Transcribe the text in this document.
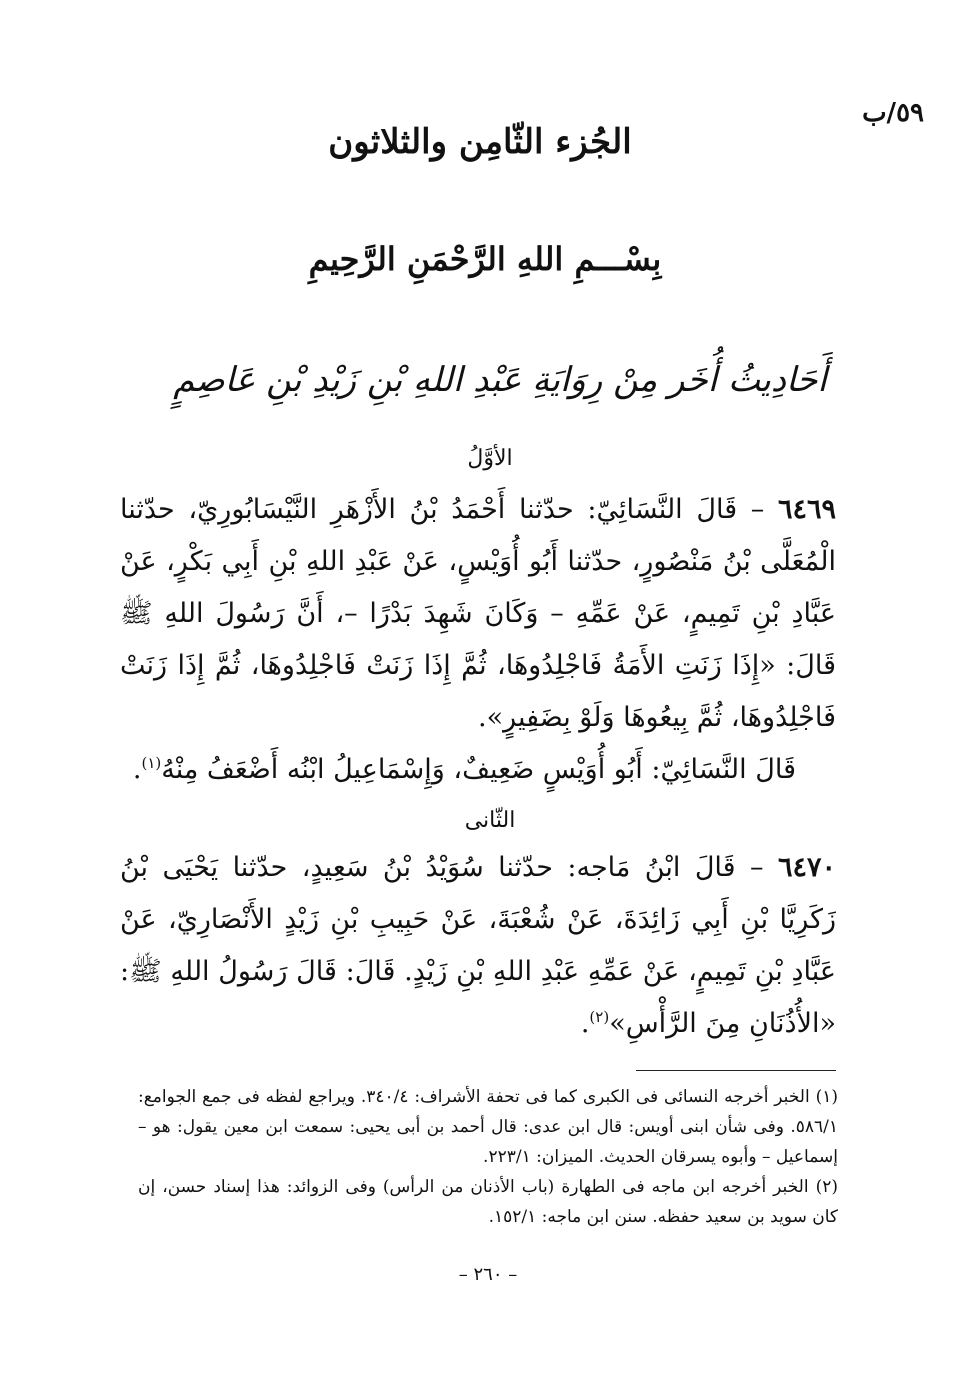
٥٩/ب
الجُزء الثّامِن والثلاثون
بِسْـــمِ اللهِ الرَّحْمَنِ الرَّحِيمِ
أَحَادِيثُ أُخَر مِنْ رِوَايَةِ عَبْدِ اللهِ بْنِ زَيْدِ بْنِ عَاصِمٍ
الأوَّلُ

٦٤٦٩ – قَالَ النَّسَائِيّ: حدّثنا أَحْمَدُ بْنُ الأَزْهَرِ النَّيْسَابُورِيّ، حدّثنا الْمُعَلَّى بْنُ مَنْصُورٍ، حدّثنا أَبُو أُوَيْسٍ، عَنْ عَبْدِ اللهِ بْنِ أَبِي بَكْرٍ، عَنْ عَبَّادِ بْنِ تَمِيمٍ، عَنْ عَمِّهِ – وَكَانَ شَهِدَ بَدْرًا –، أَنَّ رَسُولَ اللهِ ﷺ قَالَ: «إِذَا زَنَتِ الأَمَةُ فَاجْلِدُوهَا، ثُمَّ إِذَا زَنَتْ فَاجْلِدُوهَا، ثُمَّ إِذَا زَنَتْ فَاجْلِدُوهَا، ثُمَّ بِيعُوهَا وَلَوْ بِضَفِيرٍ».

قَالَ النَّسَائِيّ: أَبُو أُوَيْسٍ ضَعِيفٌ، وَإِسْمَاعِيلُ ابْنُه أَضْعَفُ مِنْهُ$^{(١)}$.

الثّانى

٦٤٧٠ – قَالَ ابْنُ مَاجه: حدّثنا سُوَيْدُ بْنُ سَعِيدٍ، حدّثنا يَحْيَى بْنُ زَكَرِيَّا بْنِ أَبِي زَائِدَةَ، عَنْ شُعْبَةَ، عَنْ حَبِيبِ بْنِ زَيْدٍ الأَنْصَارِيّ، عَنْ عَبَّادِ بْنِ تَمِيمٍ، عَنْ عَمِّهِ عَبْدِ اللهِ بْنِ زَيْدٍ. قَالَ: قَالَ رَسُولُ اللهِ ﷺ: «الأُذُنَانِ مِنَ الرَّأْسِ»$^{(٢)}$.

(١) الخبر أخرجه النسائى فى الكبرى كما فى تحفة الأشراف: ٣٤٠/٤. ويراجع لفظه فى جمع الجوامع: ٥٨٦/١. وفى شأن ابنى أويس: قال ابن عدى: قال أحمد بن أبى يحيى: سمعت ابن معين يقول: هو – إسماعيل – وأبوه يسرقان الحديث. الميزان: ٢٢٣/١.

(٢) الخبر أخرجه ابن ماجه فى الطهارة (باب الأذنان من الرأس) وفى الزوائد: هذا إسناد حسن، إن كان سويد بن سعيد حفظه. سنن ابن ماجه: ١٥٢/١.

– ٢٦٠ –
